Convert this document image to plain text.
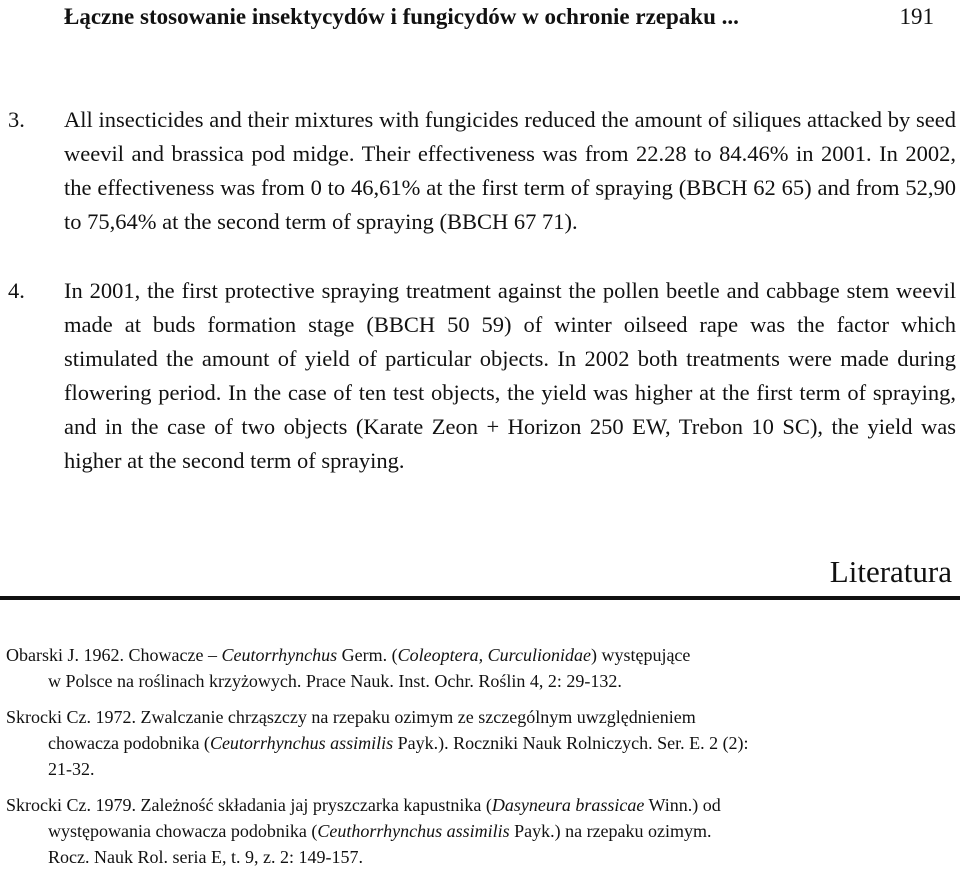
Łączne stosowanie insektycydów i fungicydów w ochronie rzepaku ...	191
3. All insecticides and their mixtures with fungicides reduced the amount of siliques attacked by seed weevil and brassica pod midge. Their effectiveness was from 22.28 to 84.46% in 2001. In 2002, the effectiveness was from 0 to 46,61% at the first term of spraying (BBCH 62 65) and from 52,90 to 75,64% at the second term of spraying (BBCH 67 71).
4. In 2001, the first protective spraying treatment against the pollen beetle and cabbage stem weevil made at buds formation stage (BBCH 50 59) of winter oilseed rape was the factor which stimulated the amount of yield of particular objects. In 2002 both treatments were made during flowering period. In the case of ten test objects, the yield was higher at the first term of spraying, and in the case of two objects (Karate Zeon + Horizon 250 EW, Trebon 10 SC), the yield was higher at the second term of spraying.
Literatura
Obarski J. 1962. Chowacze – Ceutorrhynchus Germ. (Coleoptera, Curculionidae) występujące
w Polsce na roślinach krzyżowych. Prace Nauk. Inst. Ochr. Roślin 4, 2: 29-132.
Skrocki Cz. 1972. Zwalczanie chrząszczy na rzepaku ozimym ze szczególnym uwzględnieniem
chowacza podobnika (Ceutorrhynchus assimilis Payk.). Roczniki Nauk Rolniczych. Ser. E. 2 (2):
21-32.
Skrocki Cz. 1979. Zależność składania jaj pryszczarka kapustnika (Dasyneura brassicae Winn.) od
występowania chowacza podobnika (Ceuthorrhynchus assimilis Payk.) na rzepaku ozimym.
Rocz. Nauk Rol. seria E, t. 9, z. 2: 149-157.
